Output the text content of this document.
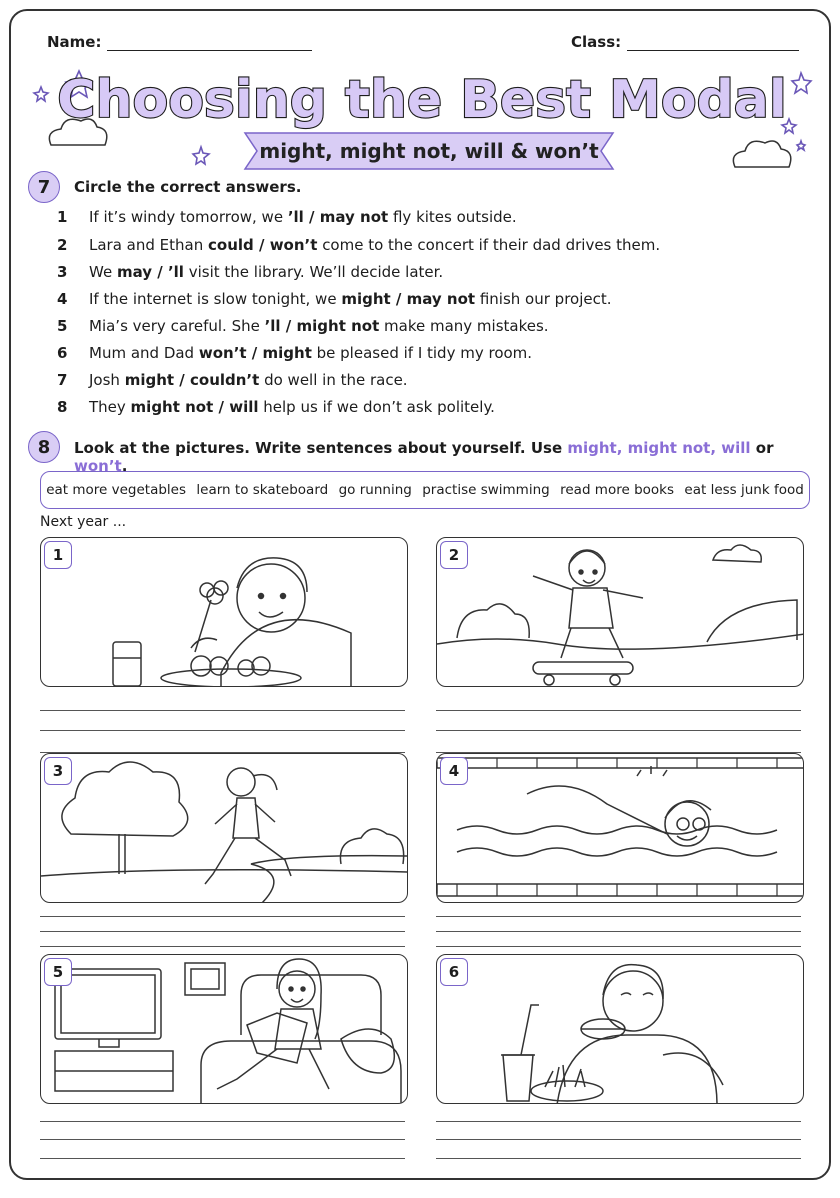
Name:	Class:
Choosing the Best Modal
might, might not, will & won’t
7	Circle the correct answers.
1 If it’s windy tomorrow, we ’ll / may not fly kites outside.
2 Lara and Ethan could / won’t come to the concert if their dad drives them.
3 We may / ’ll visit the library. We’ll decide later.
4 If the internet is slow tonight, we might / may not finish our project.
5 Mia’s very careful. She ’ll / might not make many mistakes.
6 Mum and Dad won’t / might be pleased if I tidy my room.
7 Josh might / couldn’t do well in the race.
8 They might not / will help us if we don’t ask politely.
8	Look at the pictures. Write sentences about yourself. Use might, might not, will or won’t.
eat more vegetables learn to skateboard go running practise swimming read more books eat less junk food
Next year ...
1	2
3	4
5	6
